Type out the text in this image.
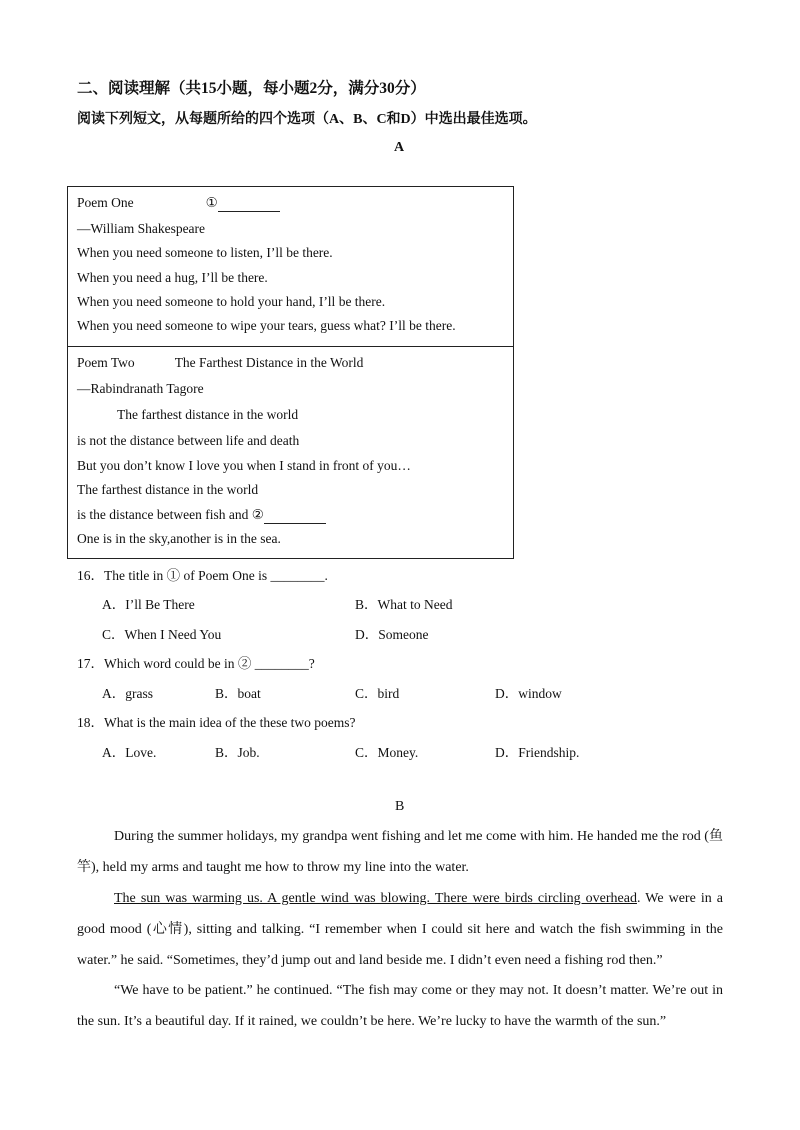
二、阅读理解（共15小题，每小题2分，满分30分）
阅读下列短文，从每题所给的四个选项（A、B、C和D）中选出最佳选项。
A
Poem One	①
—William Shakespeare
When you need someone to listen, I’ll be there.
When you need a hug, I’ll be there.
When you need someone to hold your hand, I’ll be there.
When you need someone to wipe your tears, guess what? I’ll be there.
Poem Two	The Farthest Distance in the World
—Rabindranath Tagore
The farthest distance in the world
is not the distance between life and death
But you don’t know I love you when I stand in front of you…
The farthest distance in the world
is the distance between fish and ②
One is in the sky,another is in the sea.
16．The title in ① of Poem One is ________.
A．I’ll Be There	B．What to Need
C．When I Need You	D．Someone
17．Which word could be in ② ________?
A．grass	B．boat	C．bird	D．window
18．What is the main idea of the these two poems?
A．Love.	B．Job.	C．Money.	D．Friendship.
B
During the summer holidays, my grandpa went fishing and let me come with him. He handed me the rod (鱼竿), held my arms and taught me how to throw my line into the water.
The sun was warming us. A gentle wind was blowing. There were birds circling overhead. We were in a good mood (心情), sitting and talking. “I remember when I could sit here and watch the fish swimming in the water.” he said. “Sometimes, they’d jump out and land beside me. I didn’t even need a fishing rod then.”
“We have to be patient.” he continued. “The fish may come or they may not. It doesn’t matter. We’re out in the sun. It’s a beautiful day. If it rained, we couldn’t be here. We’re lucky to have the warmth of the sun.”
